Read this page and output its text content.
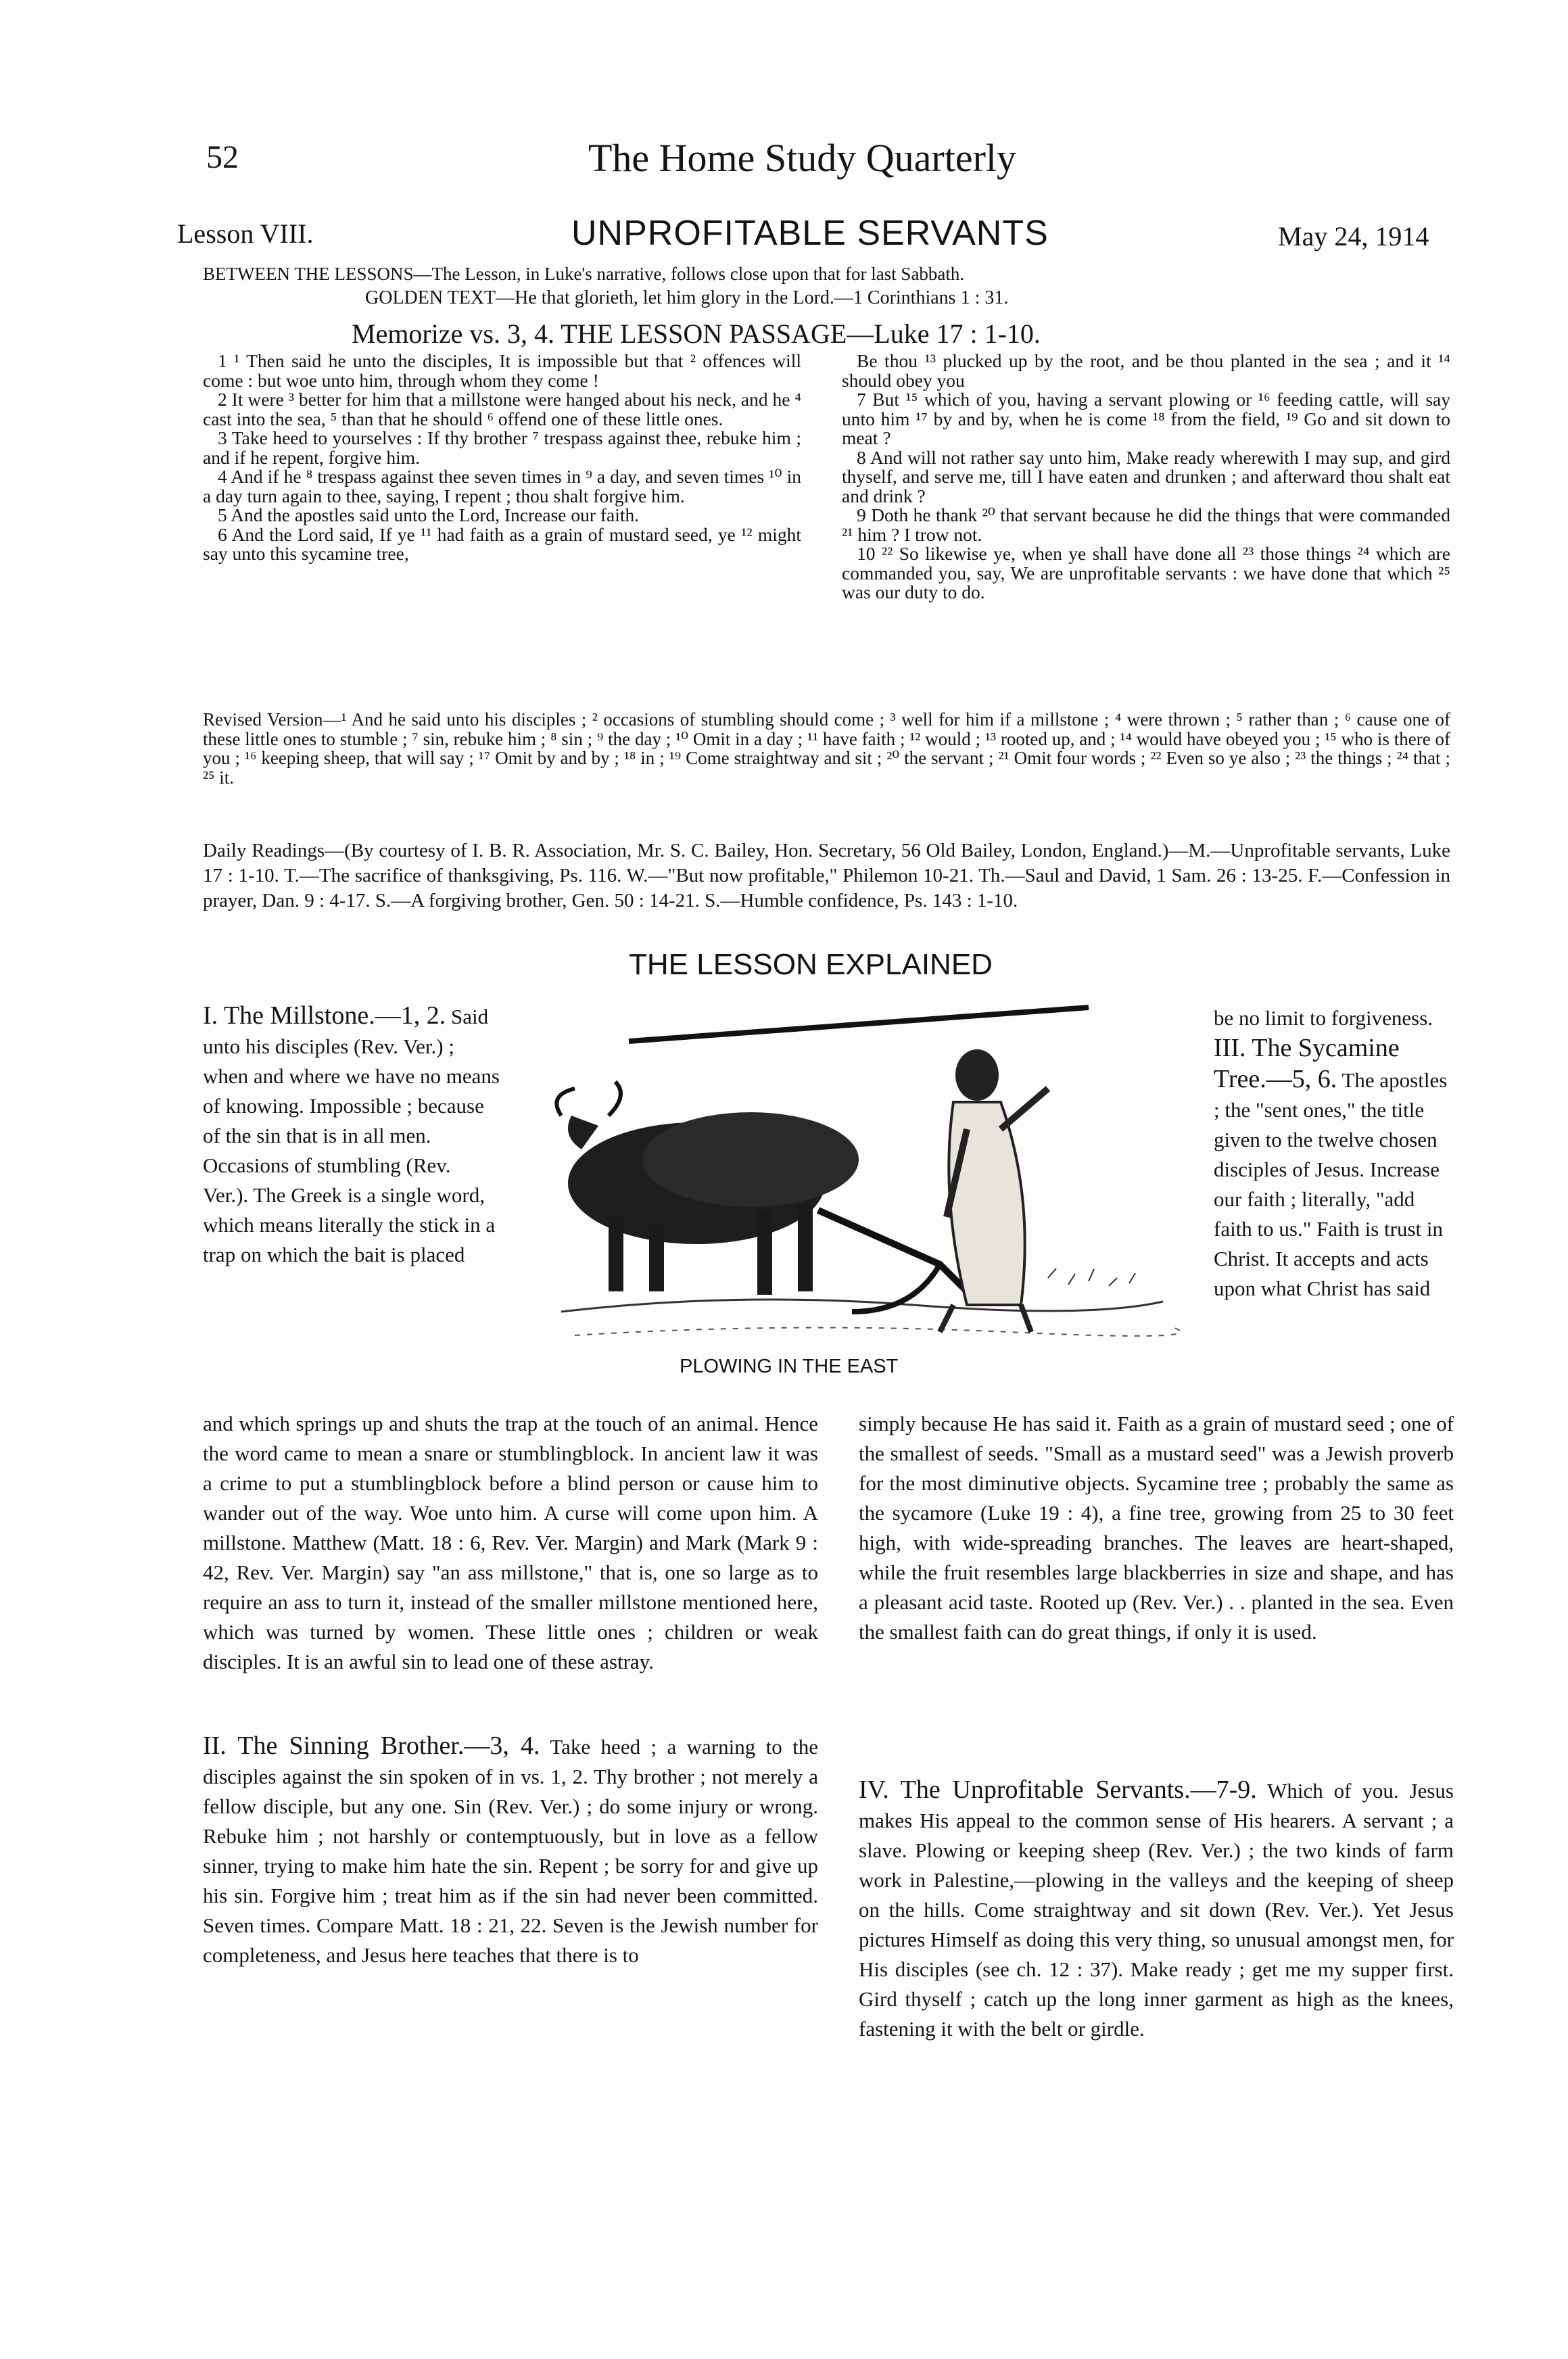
52	The Home Study Quarterly
Lesson VIII.	UNPROFITABLE SERVANTS	May 24, 1914
BETWEEN THE LESSONS—The Lesson, in Luke's narrative, follows close upon that for last Sabbath.
GOLDEN TEXT—He that glorieth, let him glory in the Lord.—1 Corinthians 1 : 31.
Memorize vs. 3, 4. THE LESSON PASSAGE—Luke 17 : 1-10.

1 ¹ Then said he unto the disciples, It is impossible but that ² offences will come : but woe unto him, through whom they come !

2 It were ³ better for him that a millstone were hanged about his neck, and he ⁴ cast into the sea, ⁵ than that he should ⁶ offend one of these little ones.

3 Take heed to yourselves : If thy brother ⁷ trespass against thee, rebuke him ; and if he repent, forgive him.

4 And if he ⁸ trespass against thee seven times in ⁹ a day, and seven times ¹⁰ in a day turn again to thee, saying, I repent ; thou shalt forgive him.

5 And the apostles said unto the Lord, Increase our faith.

6 And the Lord said, If ye ¹¹ had faith as a grain of mustard seed, ye ¹² might say unto this sycamine tree,

Be thou ¹³ plucked up by the root, and be thou planted in the sea ; and it ¹⁴ should obey you

7 But ¹⁵ which of you, having a servant plowing or ¹⁶ feeding cattle, will say unto him ¹⁷ by and by, when he is come ¹⁸ from the field, ¹⁹ Go and sit down to meat ?

8 And will not rather say unto him, Make ready wherewith I may sup, and gird thyself, and serve me, till I have eaten and drunken ; and afterward thou shalt eat and drink ?

9 Doth he thank ²⁰ that servant because he did the things that were commanded ²¹ him ? I trow not.

10 ²² So likewise ye, when ye shall have done all ²³ those things ²⁴ which are commanded you, say, We are unprofitable servants : we have done that which ²⁵ was our duty to do.

Revised Version—¹ And he said unto his disciples ; ² occasions of stumbling should come ; ³ well for him if a millstone ; ⁴ were thrown ; ⁵ rather than ; ⁶ cause one of these little ones to stumble ; ⁷ sin, rebuke him ; ⁸ sin ; ⁹ the day ; ¹⁰ Omit in a day ; ¹¹ have faith ; ¹² would ; ¹³ rooted up, and ; ¹⁴ would have obeyed you ; ¹⁵ who is there of you ; ¹⁶ keeping sheep, that will say ; ¹⁷ Omit by and by ; ¹⁸ in ; ¹⁹ Come straightway and sit ; ²⁰ the servant ; ²¹ Omit four words ; ²² Even so ye also ; ²³ the things ; ²⁴ that ; ²⁵ it.
Daily Readings—(By courtesy of I. B. R. Association, Mr. S. C. Bailey, Hon. Secretary, 56 Old Bailey, London, England.)—M.—Unprofitable servants, Luke 17 : 1-10. T.—The sacrifice of thanksgiving, Ps. 116. W.—"But now profitable," Philemon 10-21. Th.—Saul and David, 1 Sam. 26 : 13-25. F.—Confession in prayer, Dan. 9 : 4-17. S.—A forgiving brother, Gen. 50 : 14-21. S.—Humble confidence, Ps. 143 : 1-10.
THE LESSON EXPLAINED
PLOWING IN THE EAST

I. The Millstone.—1, 2. Said unto his disciples (Rev. Ver.) ; when and where we have no means of knowing. Impossible ; because of the sin that is in all men. Occasions of stumbling (Rev. Ver.). The Greek is a single word, which means literally the stick in a trap on which the bait is placed

be no limit to forgiveness.

III. The Sycamine Tree.—5, 6. The apostles ; the "sent ones," the title given to the twelve chosen disciples of Jesus. Increase our faith ; literally, "add faith to us." Faith is trust in Christ. It accepts and acts upon what Christ has said

and which springs up and shuts the trap at the touch of an animal. Hence the word came to mean a snare or stumblingblock. In ancient law it was a crime to put a stumblingblock before a blind person or cause him to wander out of the way. Woe unto him. A curse will come upon him. A millstone. Matthew (Matt. 18 : 6, Rev. Ver. Margin) and Mark (Mark 9 : 42, Rev. Ver. Margin) say "an ass millstone," that is, one so large as to require an ass to turn it, instead of the smaller millstone mentioned here, which was turned by women. These little ones ; children or weak disciples. It is an awful sin to lead one of these astray.

II. The Sinning Brother.—3, 4. Take heed ; a warning to the disciples against the sin spoken of in vs. 1, 2. Thy brother ; not merely a fellow disciple, but any one. Sin (Rev. Ver.) ; do some injury or wrong. Rebuke him ; not harshly or contemptuously, but in love as a fellow sinner, trying to make him hate the sin. Repent ; be sorry for and give up his sin. Forgive him ; treat him as if the sin had never been committed. Seven times. Compare Matt. 18 : 21, 22. Seven is the Jewish number for completeness, and Jesus here teaches that there is to

simply because He has said it. Faith as a grain of mustard seed ; one of the smallest of seeds. "Small as a mustard seed" was a Jewish proverb for the most diminutive objects. Sycamine tree ; probably the same as the sycamore (Luke 19 : 4), a fine tree, growing from 25 to 30 feet high, with wide-spreading branches. The leaves are heart-shaped, while the fruit resembles large blackberries in size and shape, and has a pleasant acid taste. Rooted up (Rev. Ver.) . . planted in the sea. Even the smallest faith can do great things, if only it is used.

IV. The Unprofitable Servants.—7-9. Which of you. Jesus makes His appeal to the common sense of His hearers. A servant ; a slave. Plowing or keeping sheep (Rev. Ver.) ; the two kinds of farm work in Palestine,—plowing in the valleys and the keeping of sheep on the hills. Come straightway and sit down (Rev. Ver.). Yet Jesus pictures Himself as doing this very thing, so unusual amongst men, for His disciples (see ch. 12 : 37). Make ready ; get me my supper first. Gird thyself ; catch up the long inner garment as high as the knees, fastening it with the belt or girdle.
